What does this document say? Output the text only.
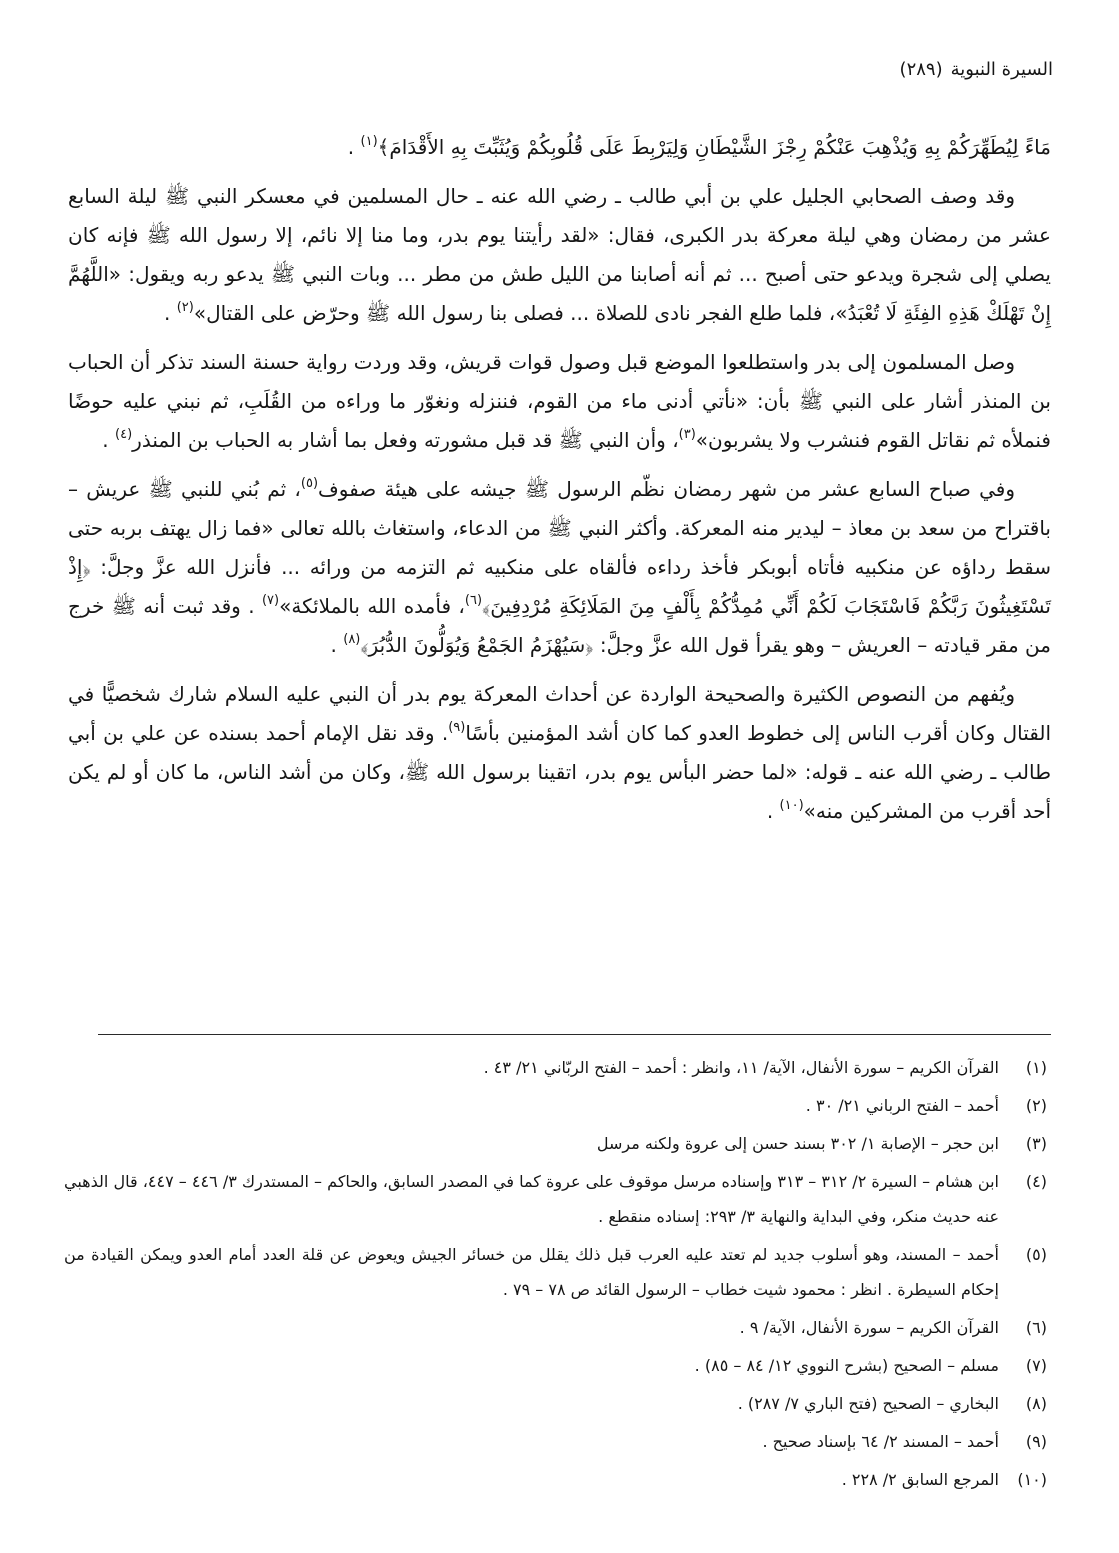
السيرة النبوية(٢٨٩)

مَاءً لِيُطَهِّرَكُمْ بِهِ وَيُذْهِبَ عَنْكُمْ رِجْزَ الشَّيْطَانِ وَلِيَرْبِطَ عَلَى قُلُوبِكُمْ وَيُثَبِّتَ بِهِ الأَقْدَامَ﴾$^{(١)}$ .

وقد وصف الصحابي الجليل علي بن أبي طالب ـ رضي الله عنه ـ حال المسلمين في معسكر النبي ﷺ ليلة السابع عشر من رمضان وهي ليلة معركة بدر الكبرى، فقال: «لقد رأيتنا يوم بدر، وما منا إلا نائم، إلا رسول الله ﷺ فإنه كان يصلي إلى شجرة ويدعو حتى أصبح ... ثم أنه أصابنا من الليل طش من مطر ... وبات النبي ﷺ يدعو ربه ويقول: «اللَّهُمَّ إِنْ تَهْلَكْ هَذِهِ الفِئَةِ لَا تُعْبَدُ»، فلما طلع الفجر نادى للصلاة ... فصلى بنا رسول الله ﷺ وحرّض على القتال»$^{(٢)}$ .

وصل المسلمون إلى بدر واستطلعوا الموضع قبل وصول قوات قريش، وقد وردت رواية حسنة السند تذكر أن الحباب بن المنذر أشار على النبي ﷺ بأن: «نأتي أدنى ماء من القوم، فننزله ونغوّر ما وراءه من القُلَبِ، ثم نبني عليه حوضًا فنملأه ثم نقاتل القوم فنشرب ولا يشربون»$^{(٣)}$، وأن النبي ﷺ قد قبل مشورته وفعل بما أشار به الحباب بن المنذر$^{(٤)}$ .

وفي صباح السابع عشر من شهر رمضان نظّم الرسول ﷺ جيشه على هيئة صفوف$^{(٥)}$، ثم بُني للنبي ﷺ عريش – باقتراح من سعد بن معاذ – ليدير منه المعركة. وأكثر النبي ﷺ من الدعاء، واستغاث بالله تعالى «فما زال يهتف بربه حتى سقط رداؤه عن منكبيه فأتاه أبوبكر فأخذ رداءه فألقاه على منكبيه ثم التزمه من ورائه ... فأنزل الله عزَّ وجلَّ: ﴿إِذْ تَسْتَغِيثُونَ رَبَّكُمْ فَاسْتَجَابَ لَكُمْ أَنِّي مُمِدُّكُمْ بِأَلْفٍ مِنَ المَلَائِكَةِ مُرْدِفِينَ﴾$^{(٦)}$، فأمده الله بالملائكة»$^{(٧)}$ . وقد ثبت أنه ﷺ خرج من مقر قيادته – العريش – وهو يقرأ قول الله عزَّ وجلَّ: ﴿سَيُهْزَمُ الجَمْعُ وَيُوَلُّونَ الدُّبُرَ﴾$^{(٨)}$ .

ويُفهم من النصوص الكثيرة والصحيحة الواردة عن أحداث المعركة يوم بدر أن النبي عليه السلام شارك شخصيًّا في القتال وكان أقرب الناس إلى خطوط العدو كما كان أشد المؤمنين بأسًا$^{(٩)}$. وقد نقل الإمام أحمد بسنده عن علي بن أبي طالب ـ رضي الله عنه ـ قوله: «لما حضر البأس يوم بدر، اتقينا برسول الله ﷺ، وكان من أشد الناس، ما كان أو لم يكن أحد أقرب من المشركين منه»$^{(١٠)}$ .

(١)
القرآن الكريم – سورة الأنفال، الآية/ ١١، وانظر : أحمد – الفتح الربّاني ٢١/ ٤٣ .
(٢)
أحمد – الفتح الرباني ٢١/ ٣٠ .
(٣)
ابن حجر – الإصابة ١/ ٣٠٢ بسند حسن إلى عروة ولكنه مرسل
(٤)
ابن هشام – السيرة ٢/ ٣١٢ – ٣١٣ وإسناده مرسل موقوف على عروة كما في المصدر السابق، والحاكم – المستدرك ٣/ ٤٤٦ – ٤٤٧، قال الذهبي عنه حديث منكر، وفي البداية والنهاية ٣/ ٢٩٣: إسناده منقطع .
(٥)
أحمد – المسند، وهو أسلوب جديد لم تعتد عليه العرب قبل ذلك يقلل من خسائر الجيش ويعوض عن قلة العدد أمام العدو ويمكن القيادة من إحكام السيطرة . انظر : محمود شيت خطاب – الرسول القائد ص ٧٨ – ٧٩ .
(٦)
القرآن الكريم – سورة الأنفال، الآية/ ٩ .
(٧)
مسلم – الصحيح (بشرح النووي ١٢/ ٨٤ – ٨٥) .
(٨)
البخاري – الصحيح (فتح الباري ٧/ ٢٨٧) .
(٩)
أحمد – المسند ٢/ ٦٤ بإسناد صحيح .
(١٠)
المرجع السابق ٢/ ٢٢٨ .
